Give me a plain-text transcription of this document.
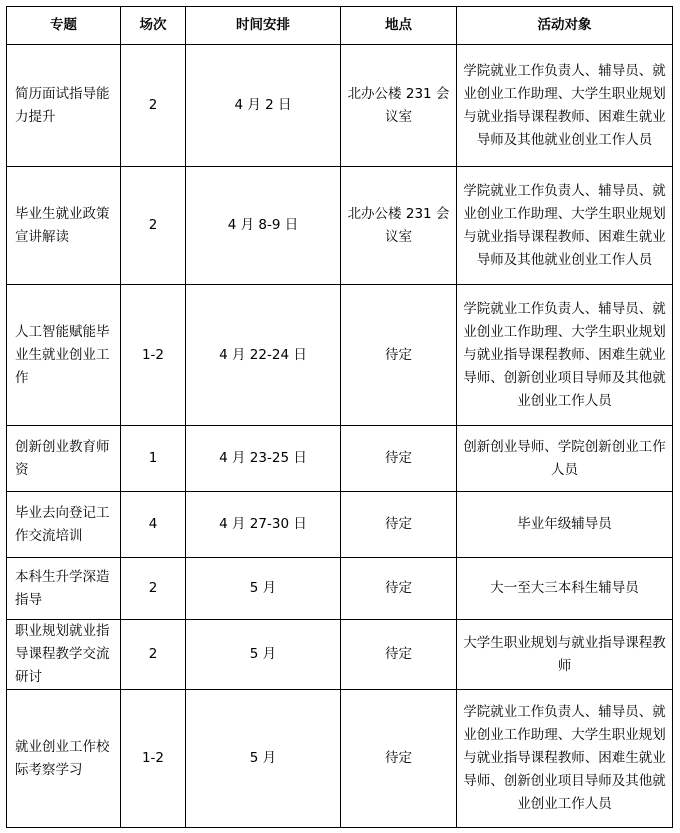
专题	场次	时间安排	地点	活动对象
简历面试指导能力提升	2	4 月 2 日	北办公楼 231 会议室	学院就业工作负责人、辅导员、就业创业工作助理、大学生职业规划与就业指导课程教师、困难生就业导师及其他就业创业工作人员
毕业生就业政策宣讲解读	2	4 月 8-9 日	北办公楼 231 会议室	学院就业工作负责人、辅导员、就业创业工作助理、大学生职业规划与就业指导课程教师、困难生就业导师及其他就业创业工作人员
人工智能赋能毕业生就业创业工作	1-2	4 月 22-24 日	待定	学院就业工作负责人、辅导员、就业创业工作助理、大学生职业规划与就业指导课程教师、困难生就业导师、创新创业项目导师及其他就业创业工作人员
创新创业教育师资	1	4 月 23-25 日	待定	创新创业导师、学院创新创业工作人员
毕业去向登记工作交流培训	4	4 月 27-30 日	待定	毕业年级辅导员
本科生升学深造指导	2	5 月	待定	大一至大三本科生辅导员
职业规划就业指导课程教学交流研讨	2	5 月	待定	大学生职业规划与就业指导课程教师
就业创业工作校际考察学习	1-2	5 月	待定	学院就业工作负责人、辅导员、就业创业工作助理、大学生职业规划与就业指导课程教师、困难生就业导师、创新创业项目导师及其他就业创业工作人员
